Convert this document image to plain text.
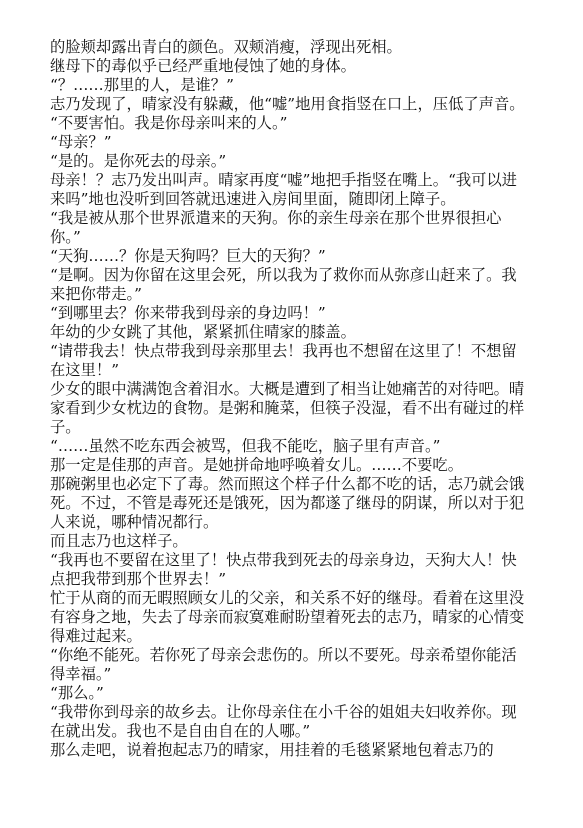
的脸颊却露出青白的颜色。双颊消瘦，浮现出死相。

继母下的毒似乎已经严重地侵蚀了她的身体。

“？……那里的人，是谁？”

志乃发现了，晴家没有躲藏，他“嘘”地用食指竖在口上，压低了声音。

“不要害怕。我是你母亲叫来的人。”

“母亲？”

“是的。是你死去的母亲。”

母亲！？志乃发出叫声。晴家再度“嘘”地把手指竖在嘴上。“我可以进来吗”地也没听到回答就迅速进入房间里面，随即闭上障子。

“我是被从那个世界派遣来的天狗。你的亲生母亲在那个世界很担心你。”

“天狗……？你是天狗吗？巨大的天狗？”

“是啊。因为你留在这里会死，所以我为了救你而从弥彦山赶来了。我来把你带走。”

“到哪里去？你来带我到母亲的身边吗！”

年幼的少女跳了其他，紧紧抓住晴家的膝盖。

“请带我去！快点带我到母亲那里去！我再也不想留在这里了！不想留在这里！”

少女的眼中满满饱含着泪水。大概是遭到了相当让她痛苦的对待吧。晴家看到少女枕边的食物。是粥和腌菜，但筷子没湿，看不出有碰过的样子。

“……虽然不吃东西会被骂，但我不能吃，脑子里有声音。”

那一定是佳那的声音。是她拼命地呼唤着女儿。……不要吃。

那碗粥里也必定下了毒。然而照这个样子什么都不吃的话，志乃就会饿死。不过，不管是毒死还是饿死，因为都遂了继母的阴谋，所以对于犯人来说，哪种情况都行。

而且志乃也这样子。

“我再也不要留在这里了！快点带我到死去的母亲身边，天狗大人！快点把我带到那个世界去！”

忙于从商的而无暇照顾女儿的父亲，和关系不好的继母。看着在这里没有容身之地，失去了母亲而寂寞难耐盼望着死去的志乃，晴家的心情变得难过起来。

“你绝不能死。若你死了母亲会悲伤的。所以不要死。母亲希望你能活得幸福。”

“那么。”

“我带你到母亲的故乡去。让你母亲住在小千谷的姐姐夫妇收养你。现在就出发。我也不是自由自在的人哪。”

那么走吧，说着抱起志乃的晴家，用挂着的毛毯紧紧地包着志乃的
